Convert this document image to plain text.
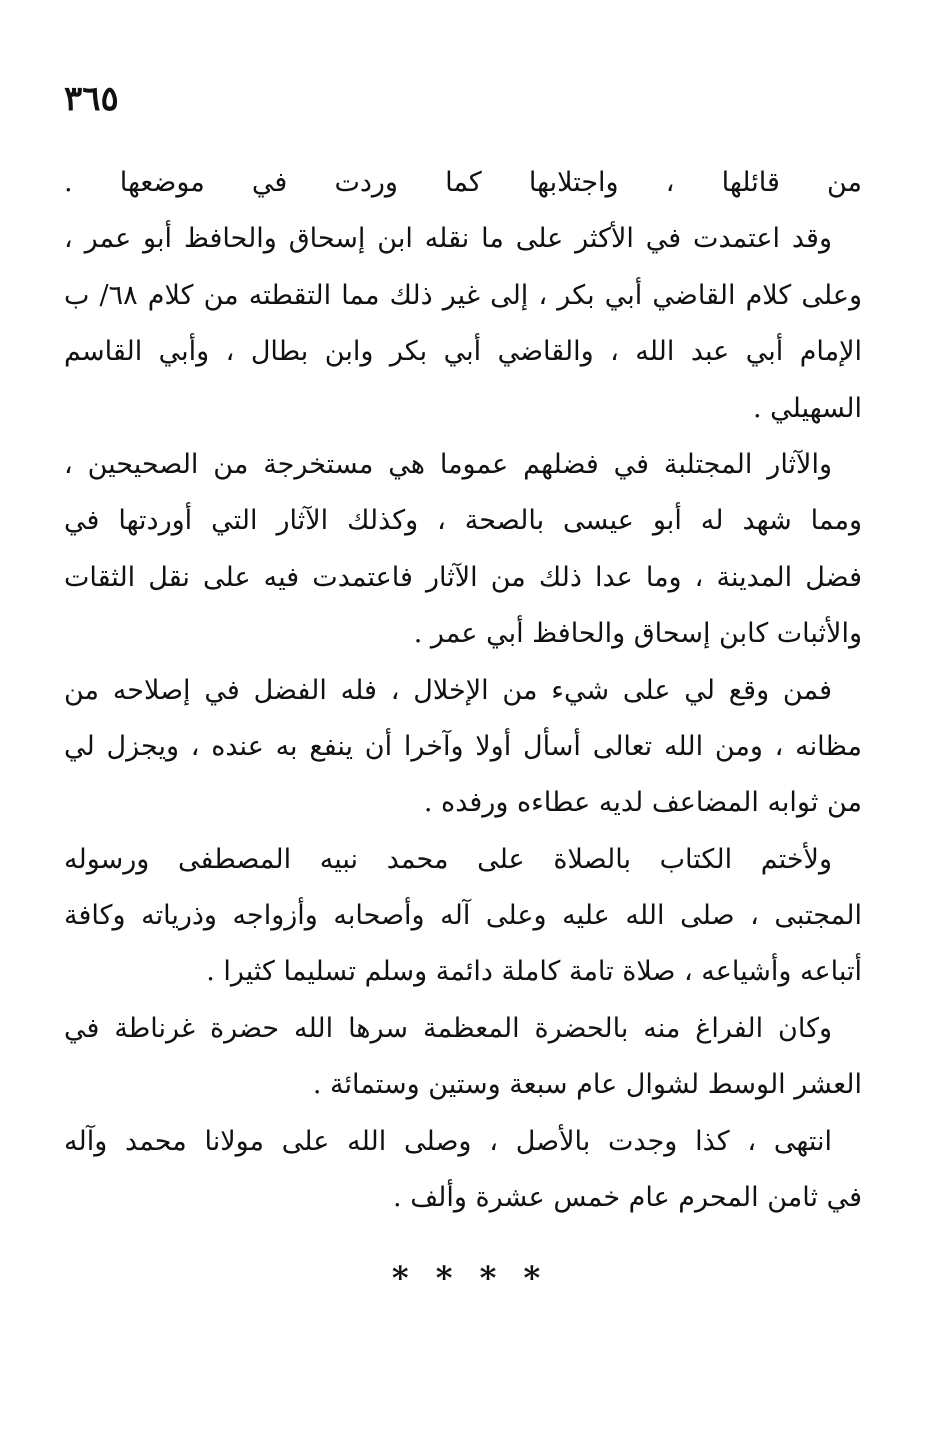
٣٦٥
من قائلها ، واجتلابها كما وردت في موضعها .
وقد اعتمدت في الأكثر على ما نقله ابن إسحاق والحافظ أبو عمر ،
وعلى كلام القاضي أبي بكر ، إلى غير ذلك مما التقطته من كلام ٦٨/ ب
الإمام أبي عبد الله ، والقاضي أبي بكر وابن بطال ، وأبي القاسم
السهيلي .
والآثار المجتلبة في فضلهم عموما هي مستخرجة من الصحيحين ،
ومما شهد له أبو عيسى بالصحة ، وكذلك الآثار التي أوردتها في
فضل المدينة ، وما عدا ذلك من الآثار فاعتمدت فيه على نقل الثقات
والأثبات كابن إسحاق والحافظ أبي عمر .
فمن وقع لي على شيء من الإخلال ، فله الفضل في إصلاحه من
مظانه ، ومن الله تعالى أسأل أولا وآخرا أن ينفع به عنده ، ويجزل لي
من ثوابه المضاعف لديه عطاءه ورفده .
ولأختم الكتاب بالصلاة على محمد نبيه المصطفى ورسوله
المجتبى ، صلى الله عليه وعلى آله وأصحابه وأزواجه وذرياته وكافة
أتباعه وأشياعه ، صلاة تامة كاملة دائمة وسلم تسليما كثيرا .
وكان الفراغ منه بالحضرة المعظمة سرها الله حضرة غرناطة في
العشر الوسط لشوال عام سبعة وستين وستمائة .
انتهى ، كذا وجدت بالأصل ، وصلى الله على مولانا محمد وآله
في ثامن المحرم عام خمس عشرة وألف .
* * * *
